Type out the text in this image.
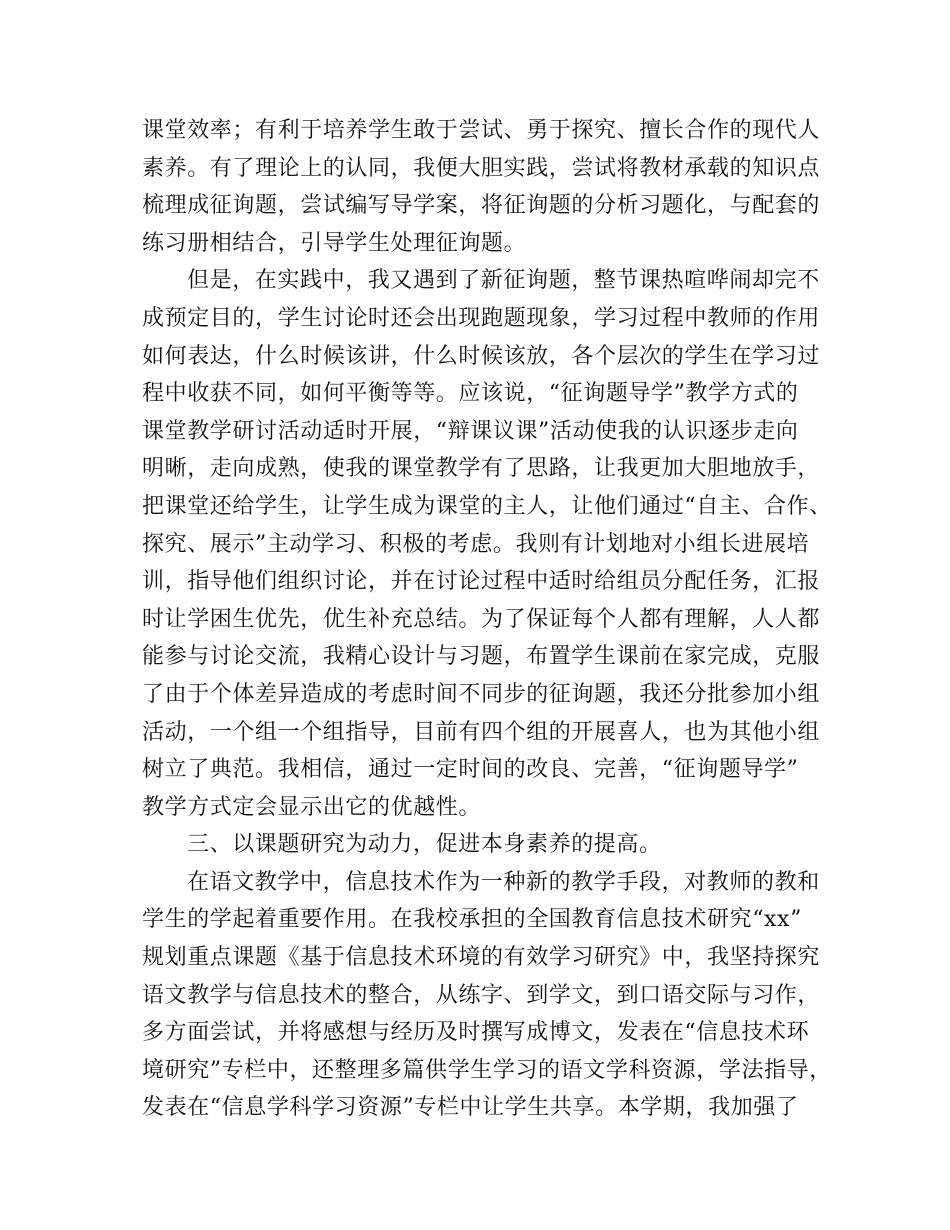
课堂效率；有利于培养学生敢于尝试、勇于探究、擅长合作的现代人
素养。有了理论上的认同，我便大胆实践，尝试将教材承载的知识点
梳理成征询题，尝试编写导学案，将征询题的分析习题化，与配套的
练习册相结合，引导学生处理征询题。
但是，在实践中，我又遇到了新征询题，整节课热喧哗闹却完不
成预定目的，学生讨论时还会出现跑题现象，学习过程中教师的作用
如何表达，什么时候该讲，什么时候该放，各个层次的学生在学习过
程中收获不同，如何平衡等等。应该说，“征询题导学”教学方式的
课堂教学研讨活动适时开展，“辩课议课”活动使我的认识逐步走向
明晰，走向成熟，使我的课堂教学有了思路，让我更加大胆地放手，
把课堂还给学生，让学生成为课堂的主人，让他们通过“自主、合作、
探究、展示”主动学习、积极的考虑。我则有计划地对小组长进展培
训，指导他们组织讨论，并在讨论过程中适时给组员分配任务，汇报
时让学困生优先，优生补充总结。为了保证每个人都有理解，人人都
能参与讨论交流，我精心设计与习题，布置学生课前在家完成，克服
了由于个体差异造成的考虑时间不同步的征询题，我还分批参加小组
活动，一个组一个组指导，目前有四个组的开展喜人，也为其他小组
树立了典范。我相信，通过一定时间的改良、完善，“征询题导学”
教学方式定会显示出它的优越性。
三、以课题研究为动力，促进本身素养的提高。
在语文教学中，信息技术作为一种新的教学手段，对教师的教和
学生的学起着重要作用。在我校承担的全国教育信息技术研究“xx”
规划重点课题《基于信息技术环境的有效学习研究》中，我坚持探究
语文教学与信息技术的整合，从练字、到学文，到口语交际与习作，
多方面尝试，并将感想与经历及时撰写成博文，发表在“信息技术环
境研究”专栏中，还整理多篇供学生学习的语文学科资源，学法指导，
发表在“信息学科学习资源”专栏中让学生共享。本学期，我加强了
